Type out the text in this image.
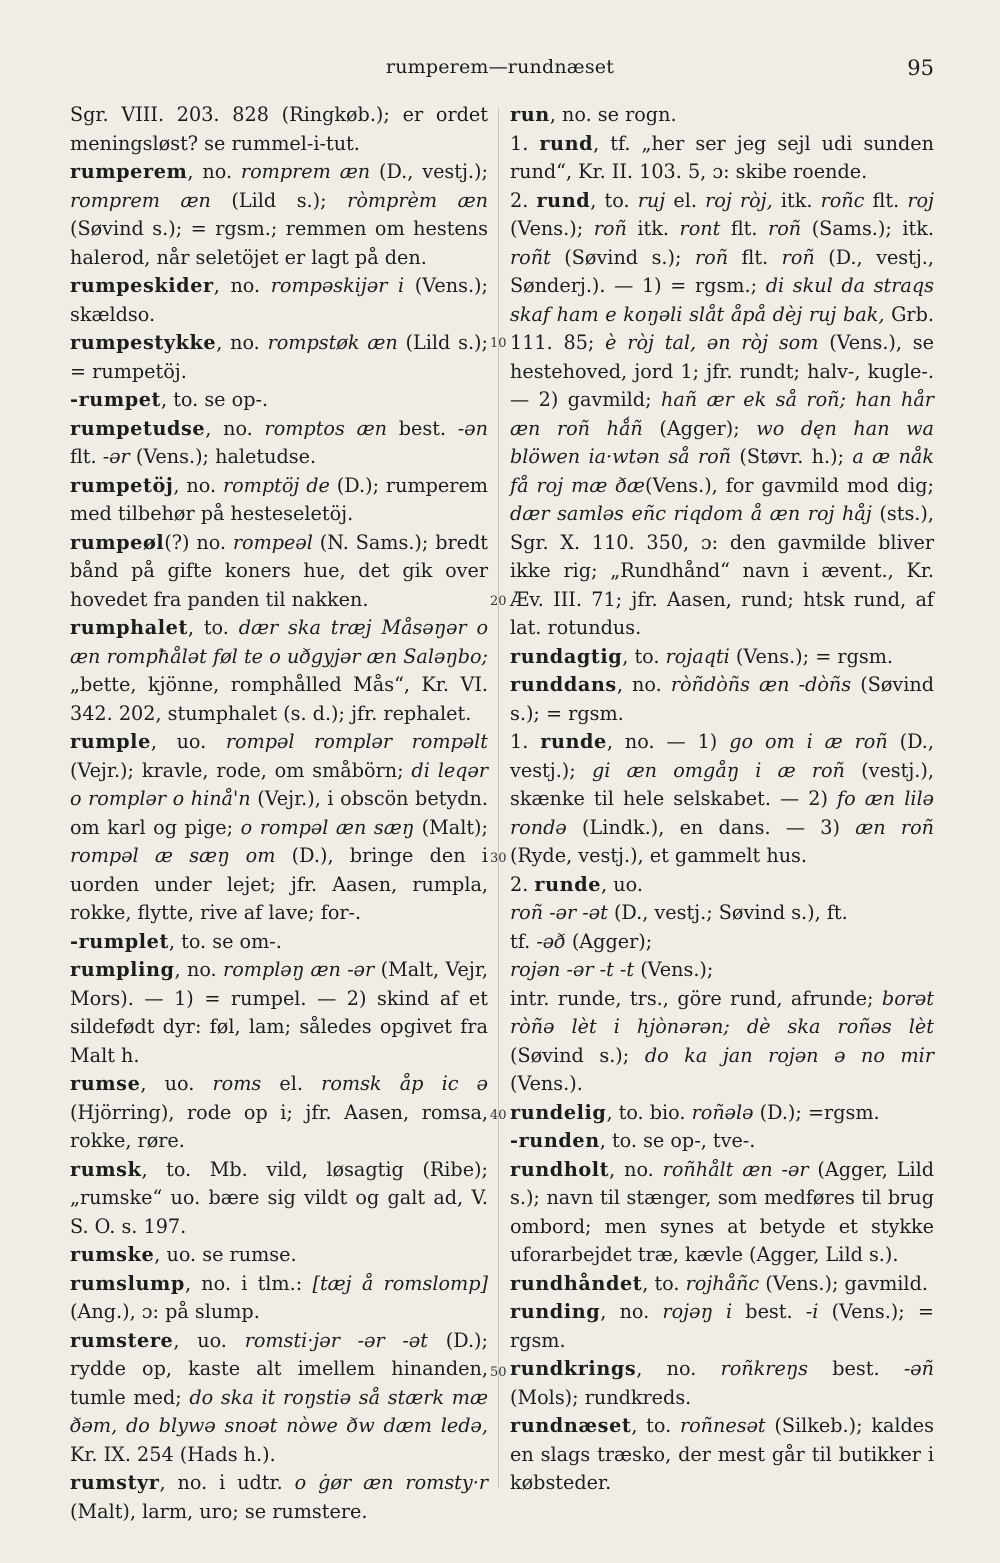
rumperem—rundnæset	95

Sgr. VIII. 203. 828 (Ringkøb.); er ordet meningsløst? se rummel-i-tut.

rumperem, no. romprem æn (D., vestj.); romprem æn (Lild s.); ròmprèm æn (Søvind s.); = rgsm.; remmen om hestens halerod, når seletöjet er lagt på den.

rumpeskider, no. rompəskijər i (Vens.); skældso.

rumpestykke, no. rompstøk æn (Lild s.); = rumpetöj.

-rumpet, to. se op-.

rumpetudse, no. romptos æn best. -ən flt. -ər (Vens.); haletudse.

rumpetöj, no. romptöj de (D.); rumperem med tilbehør på hesteseletöj.

rumpeøl(?) no. rompeəl (N. Sams.); bredt bånd på gifte koners hue, det gik over hovedet fra panden til nakken.

rumphalet, to. dær ska træj Måsəŋər o æn rompħålət føl te o uðgyjər æn Saləŋbo; „bette, kjönne, romphålled Mås“, Kr. VI. 342. 202, stumphalet (s. d.); jfr. rephalet.

rumple, uo. rompəl romplər rompəlt (Vejr.); kravle, rode, om småbörn; di leqər o romplər o hinå'n (Vejr.), i obscön betydn. om karl og pige; o rompəl æn sæŋ (Malt); rompəl æ sæŋ om (D.), bringe den i uorden under lejet; jfr. Aasen, rumpla, rokke, flytte, rive af lave; for-.

-rumplet, to. se om-.

rumpling, no. rompləŋ æn -ər (Malt, Vejr, Mors). — 1) = rumpel. — 2) skind af et sildefødt dyr: føl, lam; således opgivet fra Malt h.

rumse, uo. roms el. romsk åp ic ə (Hjörring), rode op i; jfr. Aasen, romsa, rokke, røre.

rumsk, to. Mb. vild, løsagtig (Ribe); „rumske“ uo. bære sig vildt og galt ad, V. S. O. s. 197.

rumske, uo. se rumse.

rumslump, no. i tlm.: [tæj å romslomp] (Ang.), ɔ: på slump.

rumstere, uo. romsti·jər -ər -ət (D.); rydde op, kaste alt imellem hinanden, tumle med; do ska it roŋstiə så stærk mæ ðəm, do blywə snoət nòwe ðw dæm ledə, Kr. IX. 254 (Hads h.).

rumstyr, no. i udtr. o ġør æn romsty·r (Malt), larm, uro; se rumstere.

10
20
30
40
50

run, no. se rogn.

1. rund, tf. „her ser jeg sejl udi sunden rund“, Kr. II. 103. 5, ɔ: skibe roende.

2. rund, to. ruj el. roj ròj, itk. roñc flt. roj (Vens.); roñ itk. ront flt. roñ (Sams.); itk. roñt (Søvind s.); roñ flt. roñ (D., vestj., Sønderj.). — 1) = rgsm.; di skul da straqs skaf ham e koŋəli slåt åpå dèj ruj bak, Grb. 111. 85; è ròj tal, ən ròj som (Vens.), se hestehoved, jord 1; jfr. rundt; halv-, kugle-. — 2) gavmild; hañ ær ek så roñ; han hår æn roñ hǻñ (Agger); wo dęn han wa blöwen ia·wtən så roñ (Støvr. h.); a æ nåk få roj mæ ðæ(Vens.), for gavmild mod dig; dær samləs eñc riqdom å æn roj håj (sts.), Sgr. X. 110. 350, ɔ: den gavmilde bliver ikke rig; „Rundhånd“ navn i ævent., Kr. Æv. III. 71; jfr. Aasen, rund; htsk rund, af lat. rotundus.

rundagtig, to. rojaqti (Vens.); = rgsm.

runddans, no. ròñdòñs æn -dòñs (Søvind s.); = rgsm.

1. runde, no. — 1) go om i æ roñ (D., vestj.); gi æn omgåŋ i æ roñ (vestj.), skænke til hele selskabet. — 2) fo æn lilə rondə (Lindk.), en dans. — 3) æn roñ (Ryde, vestj.), et gammelt hus.

2. runde, uo.

roñ -ər -ət (D., vestj.; Søvind s.), ft.

tf. -əð (Agger);

rojən -ər -t -t (Vens.);

intr. runde, trs., göre rund, afrunde; borət ròñə lèt i hjònərən; dè ska roñəs lèt (Søvind s.); do ka jan rojən ə no mir (Vens.).

rundelig, to. bio. roñələ (D.); =rgsm.

-runden, to. se op-, tve-.

rundholt, no. roñhålt æn -ər (Agger, Lild s.); navn til stænger, som medføres til brug ombord; men synes at betyde et stykke uforarbejdet træ, kævle (Agger, Lild s.).

rundhåndet, to. rojhåñc (Vens.); gavmild.

runding, no. rojəŋ i best. -i (Vens.); = rgsm.

rundkrings, no. roñkreŋs best. -əñ (Mols); rundkreds.

rundnæset, to. roñnesət (Silkeb.); kaldes en slags træsko, der mest går til butikker i købsteder.
